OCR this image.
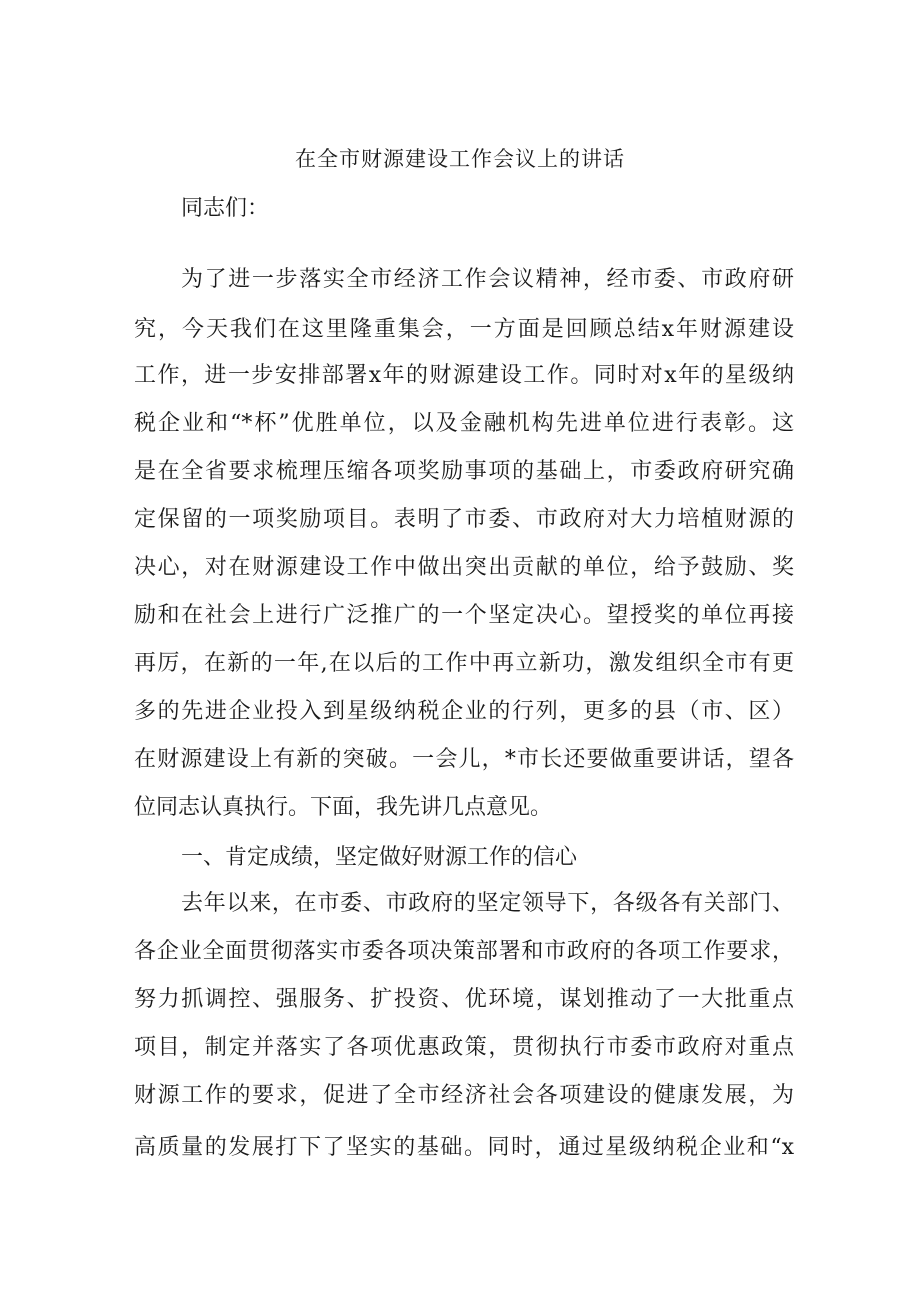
在全市财源建设工作会议上的讲话
同志们：
为了进一步落实全市经济工作会议精神，经市委、市政府研
究，今天我们在这里隆重集会，一方面是回顾总结x年财源建设
工作，进一步安排部署x年的财源建设工作。同时对x年的星级纳
税企业和“*杯”优胜单位，以及金融机构先进单位进行表彰。这
是在全省要求梳理压缩各项奖励事项的基础上，市委政府研究确
定保留的一项奖励项目。表明了市委、市政府对大力培植财源的
决心，对在财源建设工作中做出突出贡献的单位，给予鼓励、奖
励和在社会上进行广泛推广的一个坚定决心。望授奖的单位再接
再厉，在新的一年,在以后的工作中再立新功，激发组织全市有更
多的先进企业投入到星级纳税企业的行列，更多的县（市、区）
在财源建设上有新的突破。一会儿，*市长还要做重要讲话，望各
位同志认真执行。下面，我先讲几点意见。
一、肯定成绩，坚定做好财源工作的信心
去年以来，在市委、市政府的坚定领导下，各级各有关部门、
各企业全面贯彻落实市委各项决策部署和市政府的各项工作要求，
努力抓调控、强服务、扩投资、优环境，谋划推动了一大批重点
项目，制定并落实了各项优惠政策，贯彻执行市委市政府对重点
财源工作的要求，促进了全市经济社会各项建设的健康发展，为
高质量的发展打下了坚实的基础。同时，通过星级纳税企业和“x
